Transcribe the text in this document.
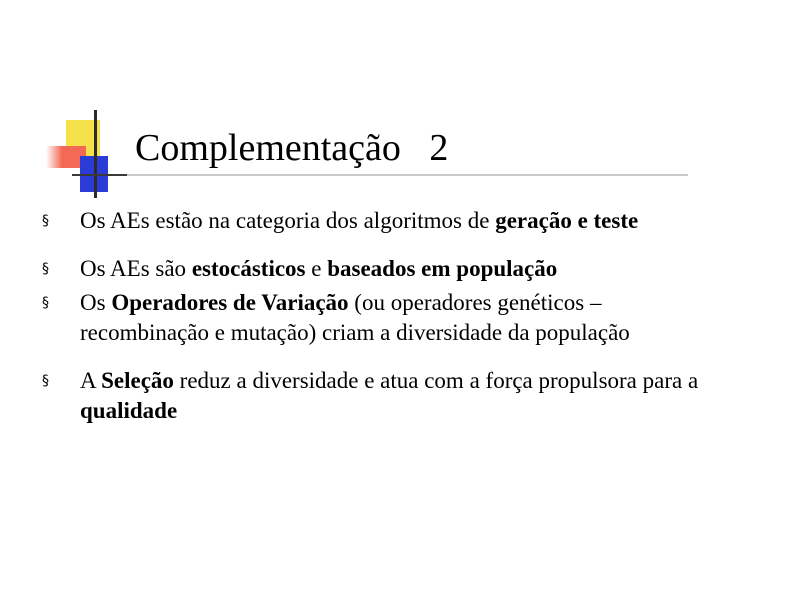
Complementação   2
§ Os AEs estão na categoria dos algoritmos de geração e teste
§ Os AEs são estocásticos e baseados em população
§ Os Operadores de Variação (ou operadores genéticos – recombinação e mutação) criam a diversidade da população
§ A Seleção reduz a diversidade e atua com a força propulsora para a qualidade
